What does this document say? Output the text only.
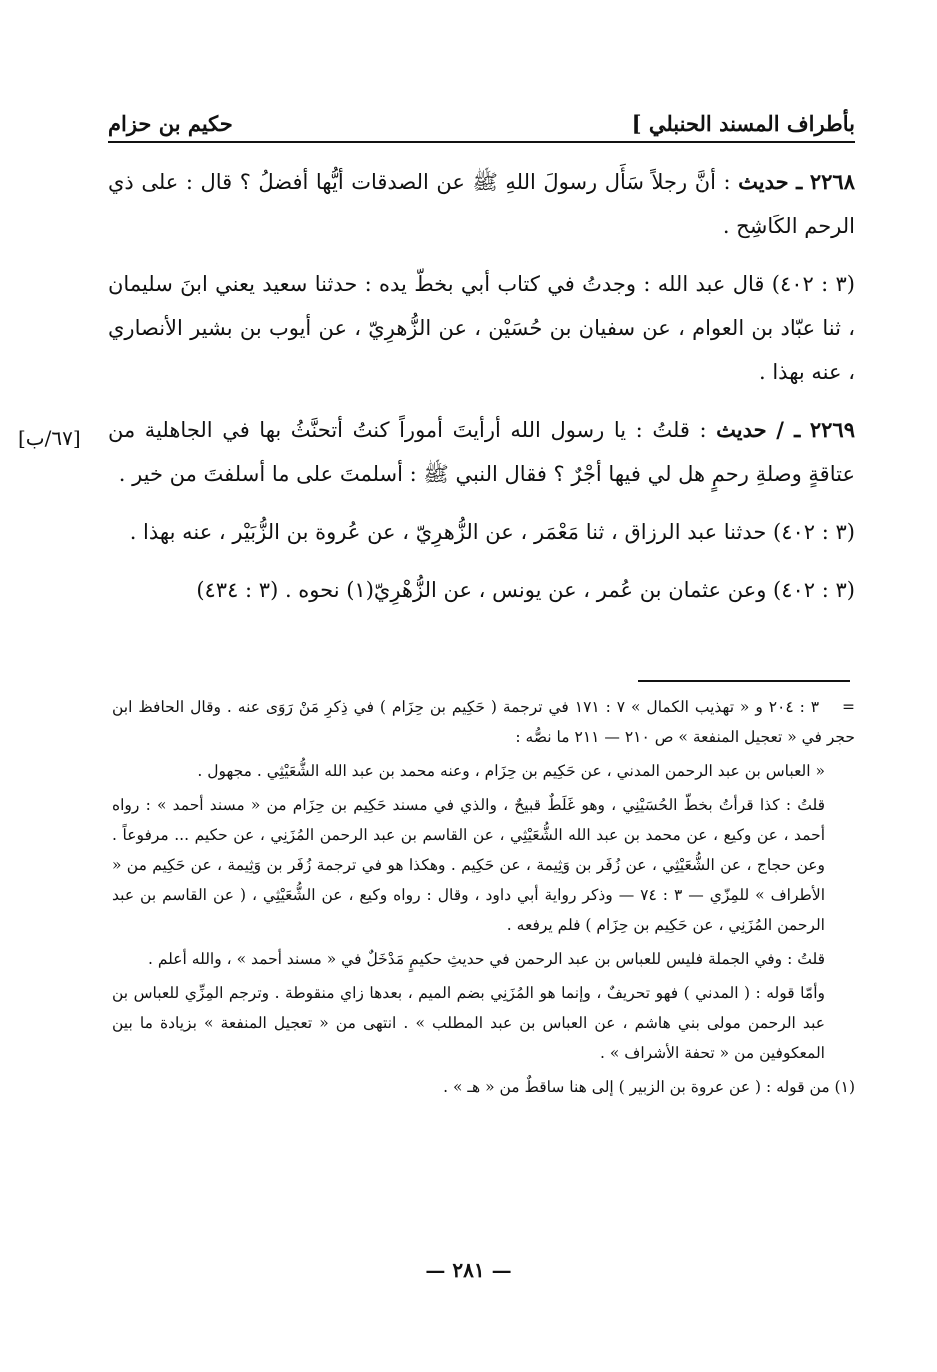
بأطراف المسند الحنبلي ]
حكيم بن حزام

٢٢٦٨ ـ حديث : أنَّ رجلاً سَأَل رسولَ اللهِ ﷺ عن الصدقات أيُّها أفضلُ ؟ قال : على ذي الرحم الكَاشِح .

(٣ : ٤٠٢) قال عبد الله : وجدتُ في كتاب أبي بخطّ يده : حدثنا سعيد يعني ابنَ سليمان ، ثنا عبّاد بن العوام ، عن سفيان بن حُسَيْن ، عن الزُّهرِيّ ، عن أيوب بن بشير الأنصاري ، عنه بهذا .

٢٢٦٩ ـ / حديث : قلتُ : يا رسول الله أرأيتَ أموراً كنتُ أتحنَّثُ بها في الجاهلية من عتاقةٍ وصلةِ رحمٍ هل لي فيها أجْرٌ ؟ فقال النبي ﷺ : أسلمتَ على ما أسلفتَ من خير .

(٣ : ٤٠٢) حدثنا عبد الرزاق ، ثنا مَعْمَر ، عن الزُّهرِيّ ، عن عُروة بن الزُّبَيْر ، عنه بهذا .

(٣ : ٤٠٢) وعن عثمان بن عُمر ، عن يونس ، عن الزُّهْرِيّ(١) نحوه . (٣ : ٤٣٤)

[٦٧/ب]

= ٣ : ٢٠٤ و « تهذيب الكمال » ٧ : ١٧١ في ترجمة ( حَكِيم بن حِزَام ) في ذِكرِ مَنْ رَوَى عنه . وقال الحافظ ابن حجر في « تعجيل المنفعة » ص ٢١٠ — ٢١١ ما نصُّه :

« العباس بن عبد الرحمن المدني ، عن حَكِيم بن حِزَام ، وعنه محمد بن عبد الله الشُّعَيْثِي . مجهول .

قلتُ : كذا قرأتُ بخطّ الحُسَيْنِي ، وهو غَلَطٌ قبيحٌ ، والذي في مسند حَكِيم بن حِزَام من « مسند أحمد » : رواه أحمد ، عن وكيع ، عن محمد بن عبد الله الشُّعَيْثِي ، عن القاسم بن عبد الرحمن المُزَنِي ، عن حكيم ... مرفوعاً . وعن حجاج ، عن الشُّعَيْثِي ، عن زُفَر بن وَثِيمة ، عن حَكِيم . وهكذا هو في ترجمة زُفَر بن وَثِيمة ، عن حَكِيم من « الأطراف » للمِزّي — ٣ : ٧٤ — وذكر رواية أبي داود ، وقال : رواه وكيع ، عن الشُّعَيْثِي ، ( عن القاسم بن عبد الرحمن المُزَنِي ، عن حَكِيم بن حِزَام ) فلم يرفعه .

قلتُ : وفي الجملة فليس للعباس بن عبد الرحمن في حديثِ حكيمٍ مَدْخَلٌ في « مسند أحمد » ، والله أعلم .

وأمّا قوله : ( المدني ) فهو تحريفٌ ، وإنما هو المُزَنِي بضم الميم ، بعدها زاي منقوطة . وترجم المِزِّي للعباس بن عبد الرحمن مولى بني هاشم ، عن العباس بن عبد المطلب » . انتهى من « تعجيل المنفعة » بزيادة ما بين المعكوفين من « تحفة الأشراف » .

(١) من قوله : ( عن عروة بن الزبير ) إلى هنا ساقطٌ من « هـ » .

— ٢٨١ —
